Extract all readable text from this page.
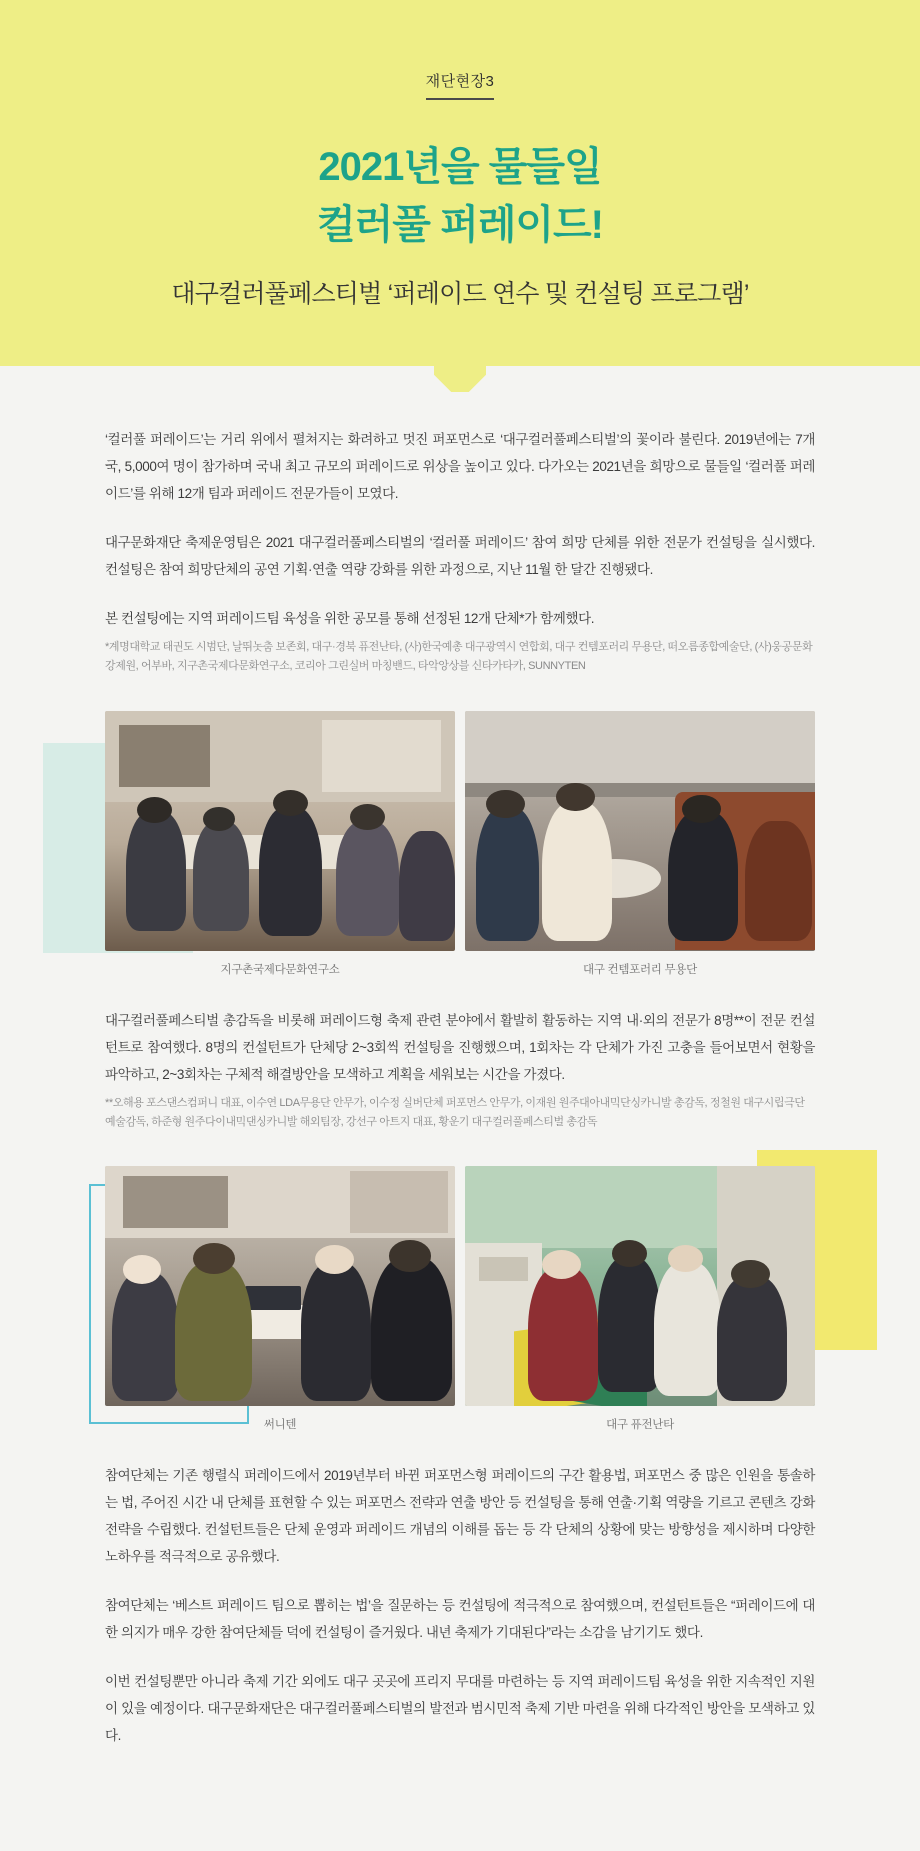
재단현장3
2021년을 물들일
컬러풀 퍼레이드!
대구컬러풀페스티벌 ‘퍼레이드 연수 및 컨설팅 프로그램’

‘컬러풀 퍼레이드’는 거리 위에서 펼쳐지는 화려하고 멋진 퍼포먼스로 ‘대구컬러풀페스티벌’의 꽃이라 불린다. 2019년에는 7개국, 5,000여 명이 참가하며 국내 최고 규모의 퍼레이드로 위상을 높이고 있다. 다가오는 2021년을 희망으로 물들일 ‘컬러풀 퍼레이드’를 위해 12개 팀과 퍼레이드 전문가들이 모였다.

대구문화재단 축제운영팀은 2021 대구컬러풀페스티벌의 ‘컬러풀 퍼레이드’ 참여 희망 단체를 위한 전문가 컨설팅을 실시했다. 컨설팅은 참여 희망단체의 공연 기획·연출 역량 강화를 위한 과정으로, 지난 11월 한 달간 진행됐다.

본 컨설팅에는 지역 퍼레이드팀 육성을 위한 공모를 통해 선정된 12개 단체*가 함께했다.

*계명대학교 태권도 시범단, 날뛰놋춤 보존회, 대구·경북 퓨전난타, (사)한국예총 대구광역시 연합회, 대구 컨템포러리 무용단, 떠오름종합예술단, (사)웅공문화강제원, 어부바, 지구촌국제다문화연구소, 코리아 그린실버 마칭밴드, 타악앙상블 신타카타카, SUNNYTEN

지구촌국제다문화연구소	대구 컨템포러리 무용단

대구컬러풀페스티벌 총감독을 비롯해 퍼레이드형 축제 관련 분야에서 활발히 활동하는 지역 내·외의 전문가 8명**이 전문 컨설턴트로 참여했다. 8명의 컨설턴트가 단체당 2~3회씩 컨설팅을 진행했으며, 1회차는 각 단체가 가진 고충을 들어보면서 현황을 파악하고, 2~3회차는 구체적 해결방안을 모색하고 계획을 세워보는 시간을 가졌다.

**오해용 포스댄스컴퍼니 대표, 이수연 LDA무용단 안무가, 이수정 실버단체 퍼포먼스 안무가, 이재원 원주대아내믹단싱카니발 총감독, 정철원 대구시립극단 예술감독, 하준형 원주다이내믹댄싱카니발 해외팀장, 강선구 아트지 대표, 황운기 대구컬러풀페스티벌 총감독

써니텐	대구 퓨전난타

참여단체는 기존 행렬식 퍼레이드에서 2019년부터 바뀐 퍼포먼스형 퍼레이드의 구간 활용법, 퍼포먼스 중 많은 인원을 통솔하는 법, 주어진 시간 내 단체를 표현할 수 있는 퍼포먼스 전략과 연출 방안 등 컨설팅을 통해 연출·기획 역량을 기르고 콘텐츠 강화 전략을 수립했다. 컨설턴트들은 단체 운영과 퍼레이드 개념의 이해를 돕는 등 각 단체의 상황에 맞는 방향성을 제시하며 다양한 노하우를 적극적으로 공유했다.

참여단체는 ‘베스트 퍼레이드 팀으로 뽑히는 법’을 질문하는 등 컨설팅에 적극적으로 참여했으며, 컨설턴트들은 “퍼레이드에 대한 의지가 매우 강한 참여단체들 덕에 컨설팅이 즐거웠다. 내년 축제가 기대된다”라는 소감을 남기기도 했다.

이번 컨설팅뿐만 아니라 축제 기간 외에도 대구 곳곳에 프리지 무대를 마련하는 등 지역 퍼레이드팀 육성을 위한 지속적인 지원이 있을 예정이다. 대구문화재단은 대구컬러풀페스티벌의 발전과 범시민적 축제 기반 마련을 위해 다각적인 방안을 모색하고 있다.
